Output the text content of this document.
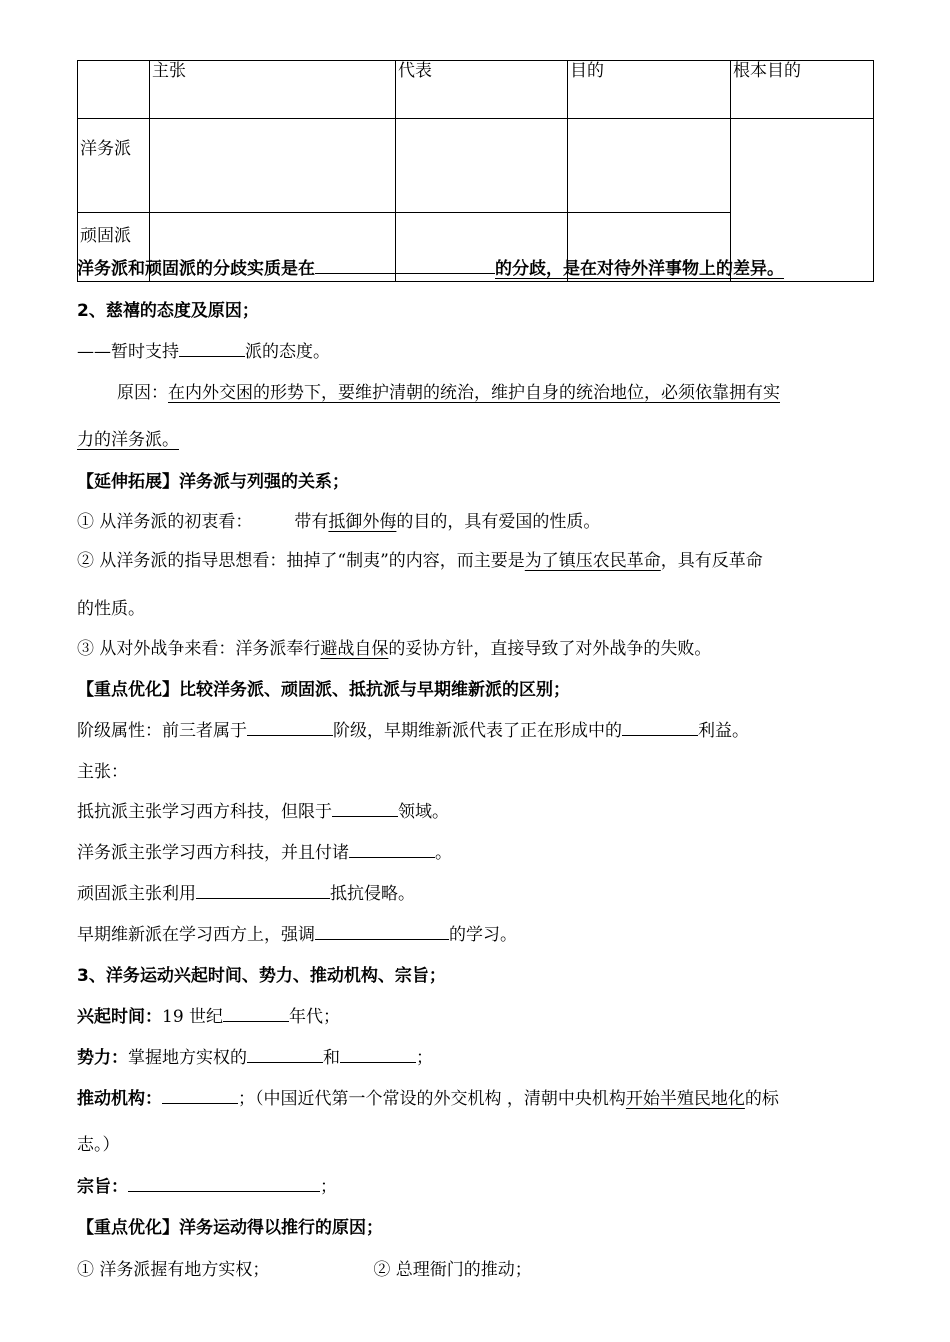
	主张	代表	目的	根本目的
洋务派				
顽固派				
洋务派和顽固派的分歧实质是在	的分歧，是在对待外洋事物上的差异。
2、慈禧的态度及原因；
——暂时支持	派的态度。
原因：在内外交困的形势下，要维护清朝的统治，维护自身的统治地位，必须依靠拥有实
力的洋务派。
【延伸拓展】洋务派与列强的关系；
① 从洋务派的初衷看： 带有抵御外侮的目的，具有爱国的性质。
② 从洋务派的指导思想看：抽掉了“制夷”的内容，而主要是为了镇压农民革命，具有反革命
的性质。
③ 从对外战争来看：洋务派奉行避战自保的妥协方针，直接导致了对外战争的失败。
【重点优化】比较洋务派、顽固派、抵抗派与早期维新派的区别；
阶级属性：前三者属于	阶级，早期维新派代表了正在形成中的	利益。
主张：
抵抗派主张学习西方科技，但限于	领域。
洋务派主张学习西方科技，并且付诸	。
顽固派主张利用	抵抗侵略。
早期维新派在学习西方上，强调	的学习。
3、洋务运动兴起时间、势力、推动机构、宗旨；
兴起时间：19 世纪	年代；
势力：掌握地方实权的	和	；
推动机构：	；（中国近代第一个常设的外交机构 ，清朝中央机构开始半殖民地化的标
志。）
宗旨：	；
【重点优化】洋务运动得以推行的原因；
① 洋务派握有地方实权；	② 总理衙门的推动；
